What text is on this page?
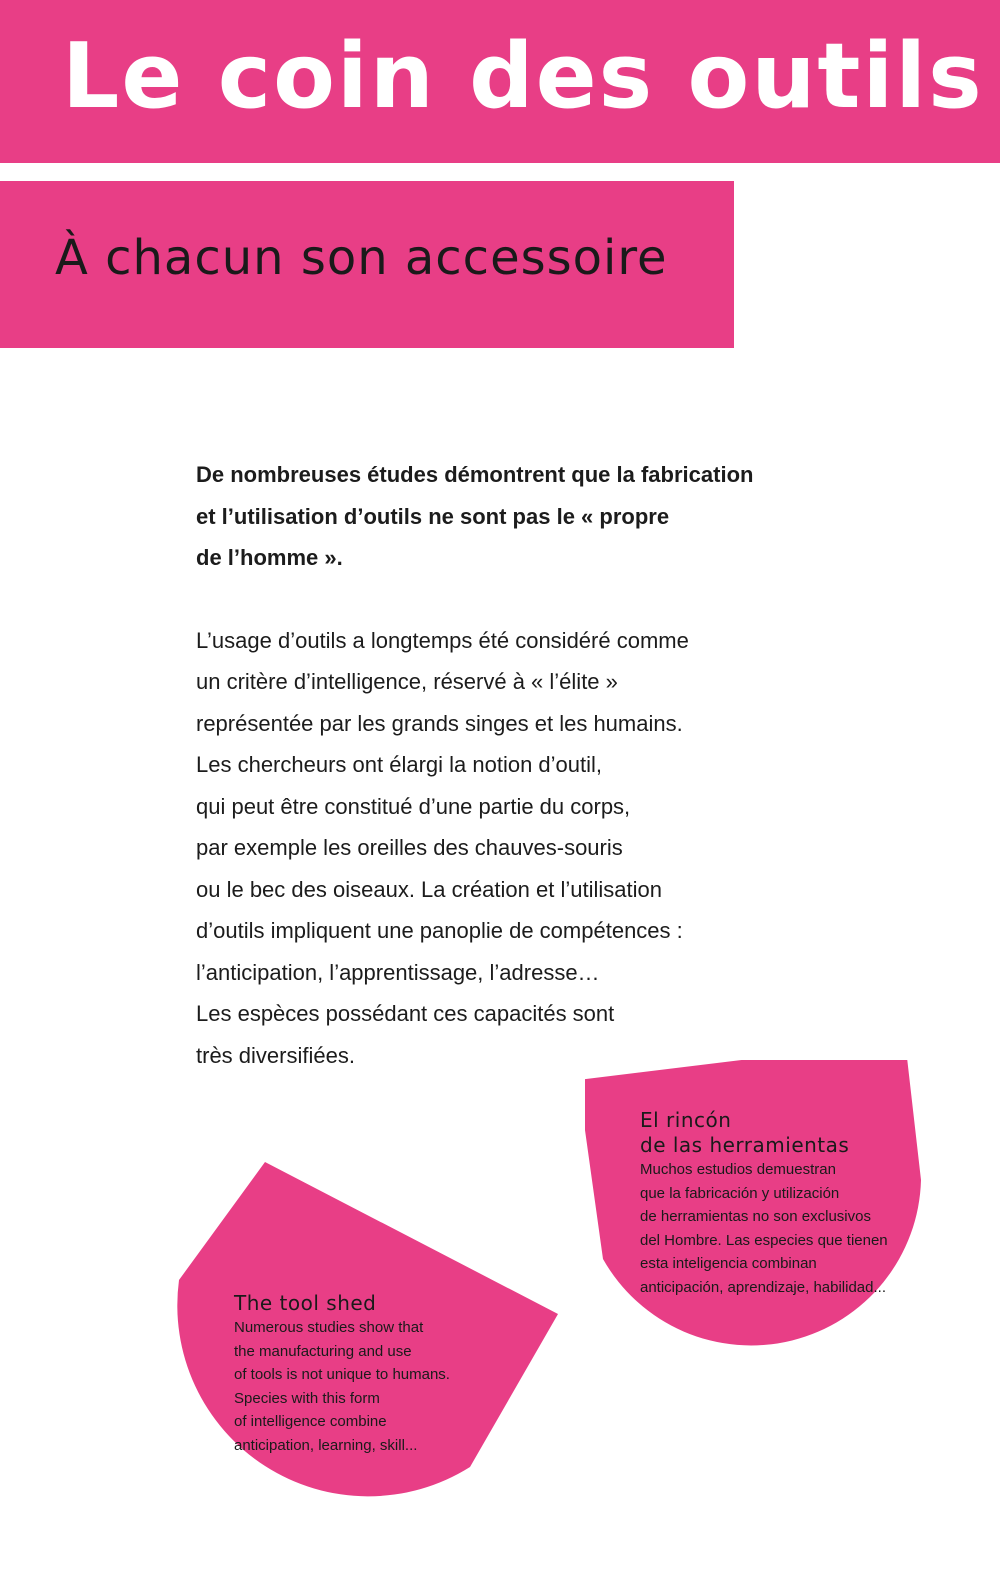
Le coin des outils
À chacun son accessoire

De nombreuses études démontrent que la fabrication
et l’utilisation d’outils ne sont pas le « propre
de l’homme ».

L’usage d’outils a longtemps été considéré comme
un critère d’intelligence, réservé à « l’élite »
représentée par les grands singes et les humains.
Les chercheurs ont élargi la notion d’outil,
qui peut être constitué d’une partie du corps,
par exemple les oreilles des chauves-souris
ou le bec des oiseaux. La création et l’utilisation
d’outils impliquent une panoplie de compétences :
l’anticipation, l’apprentissage, l’adresse…
Les espèces possédant ces capacités sont
très diversifiées.

The tool shed

Numerous studies show that
the manufacturing and use
of tools is not unique to humans.
Species with this form
of intelligence combine
anticipation, learning, skill...

El rincón
de las herramientas

Muchos estudios demuestran
que la fabricación y utilización
de herramientas no son exclusivos
del Hombre. Las especies que tienen
esta inteligencia combinan
anticipación, aprendizaje, habilidad...
